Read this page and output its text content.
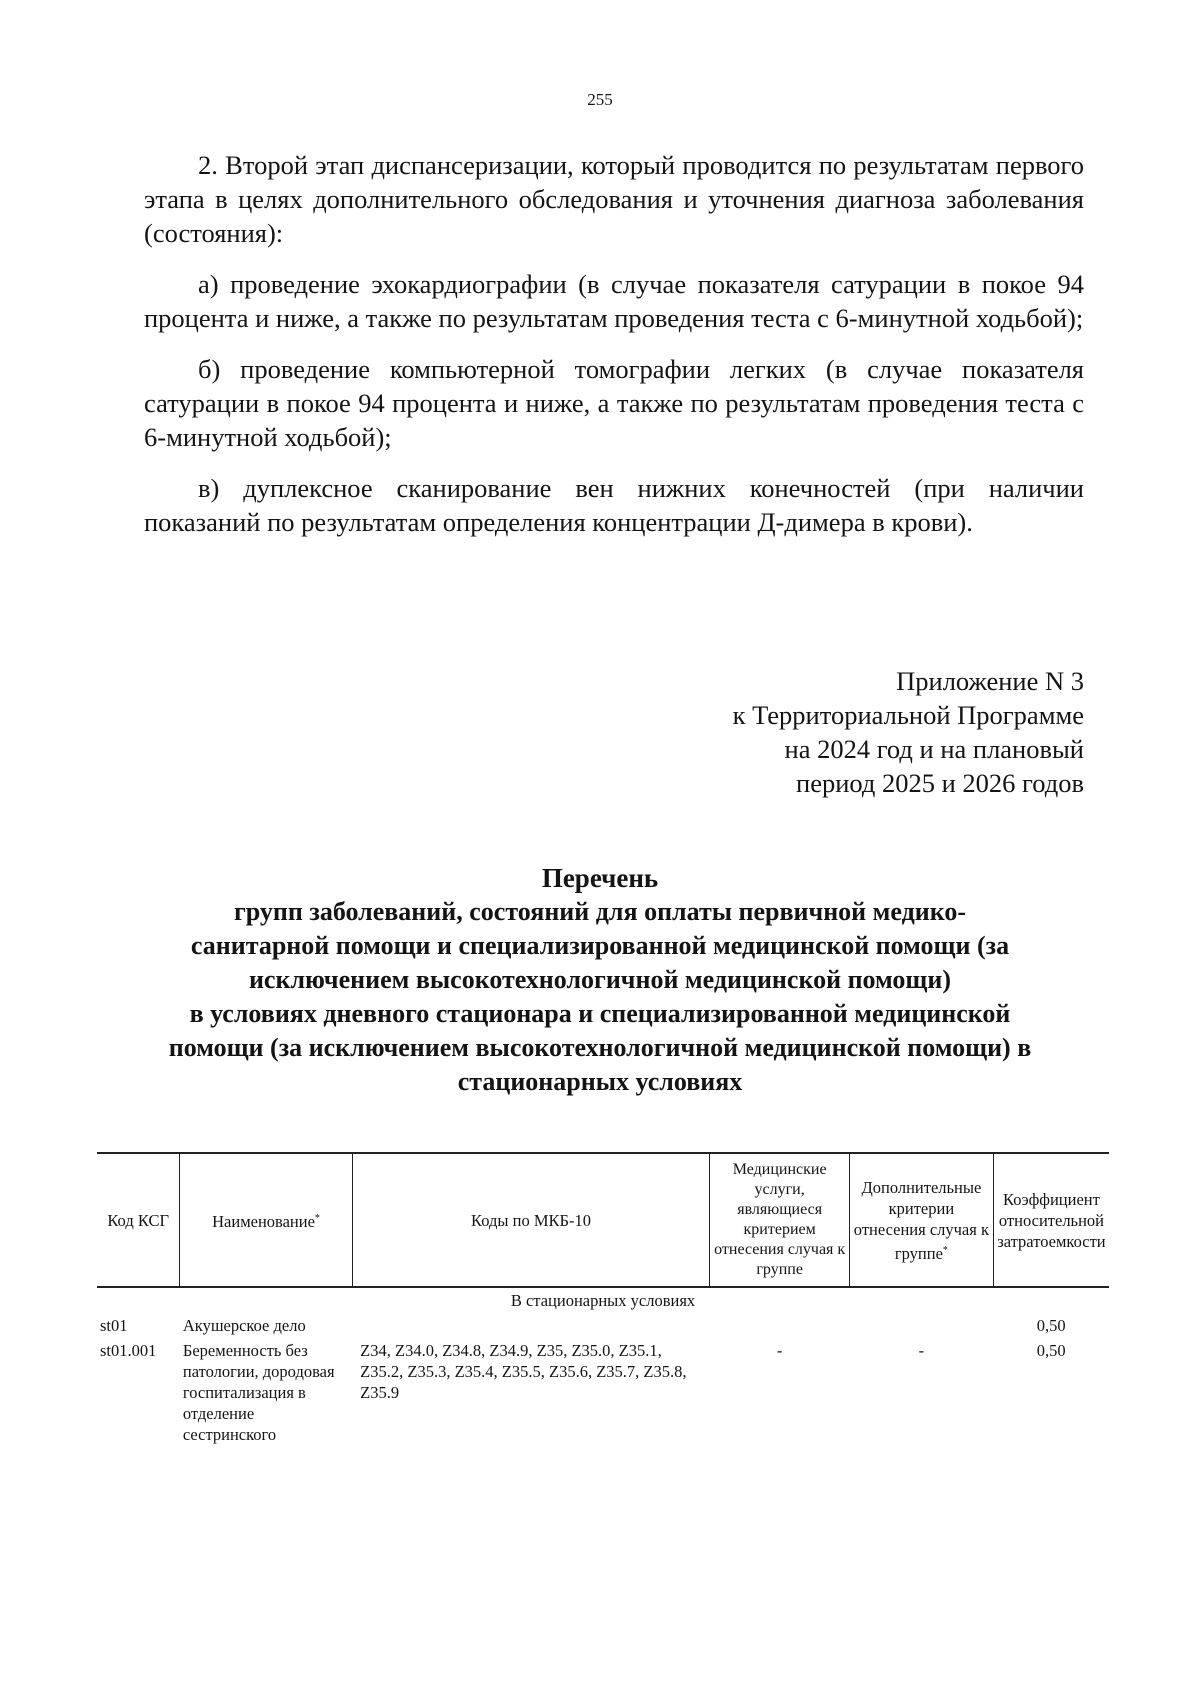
255

2. Второй этап диспансеризации, который проводится по результатам первого этапа в целях дополнительного обследования и уточнения диагноза заболевания (состояния):

а) проведение эхокардиографии (в случае показателя сатурации в покое 94 процента и ниже, а также по результатам проведения теста с 6-минутной ходьбой);

б) проведение компьютерной томографии легких (в случае показателя сатурации в покое 94 процента и ниже, а также по результатам проведения теста с 6-минутной ходьбой);

в) дуплексное сканирование вен нижних конечностей (при наличии показаний по результатам определения концентрации Д-димера в крови).

Приложение N 3
к Территориальной Программе
на 2024 год и на плановый
период 2025 и 2026 годов
Перечень
групп заболеваний, состояний для оплаты первичной медико-
санитарной помощи и специализированной медицинской помощи (за
исключением высокотехнологичной медицинской помощи)
в условиях дневного стационара и специализированной медицинской
помощи (за исключением высокотехнологичной медицинской помощи) в
стационарных условиях
Код КСГ	Наименование*	Коды по МКБ-10	Медицинские услуги, являющиеся критерием отнесения случая к группе	Дополнительные критерии отнесения случая к группе*	Коэффициент относительной затратоемкости
В стационарных условиях					
st01	Акушерское дело				0,50
st01.001	Беременность без патологии, дородовая госпитализация в отделение сестринского	Z34, Z34.0, Z34.8, Z34.9, Z35, Z35.0, Z35.1, Z35.2, Z35.3, Z35.4, Z35.5, Z35.6, Z35.7, Z35.8, Z35.9	-	-	0,50
